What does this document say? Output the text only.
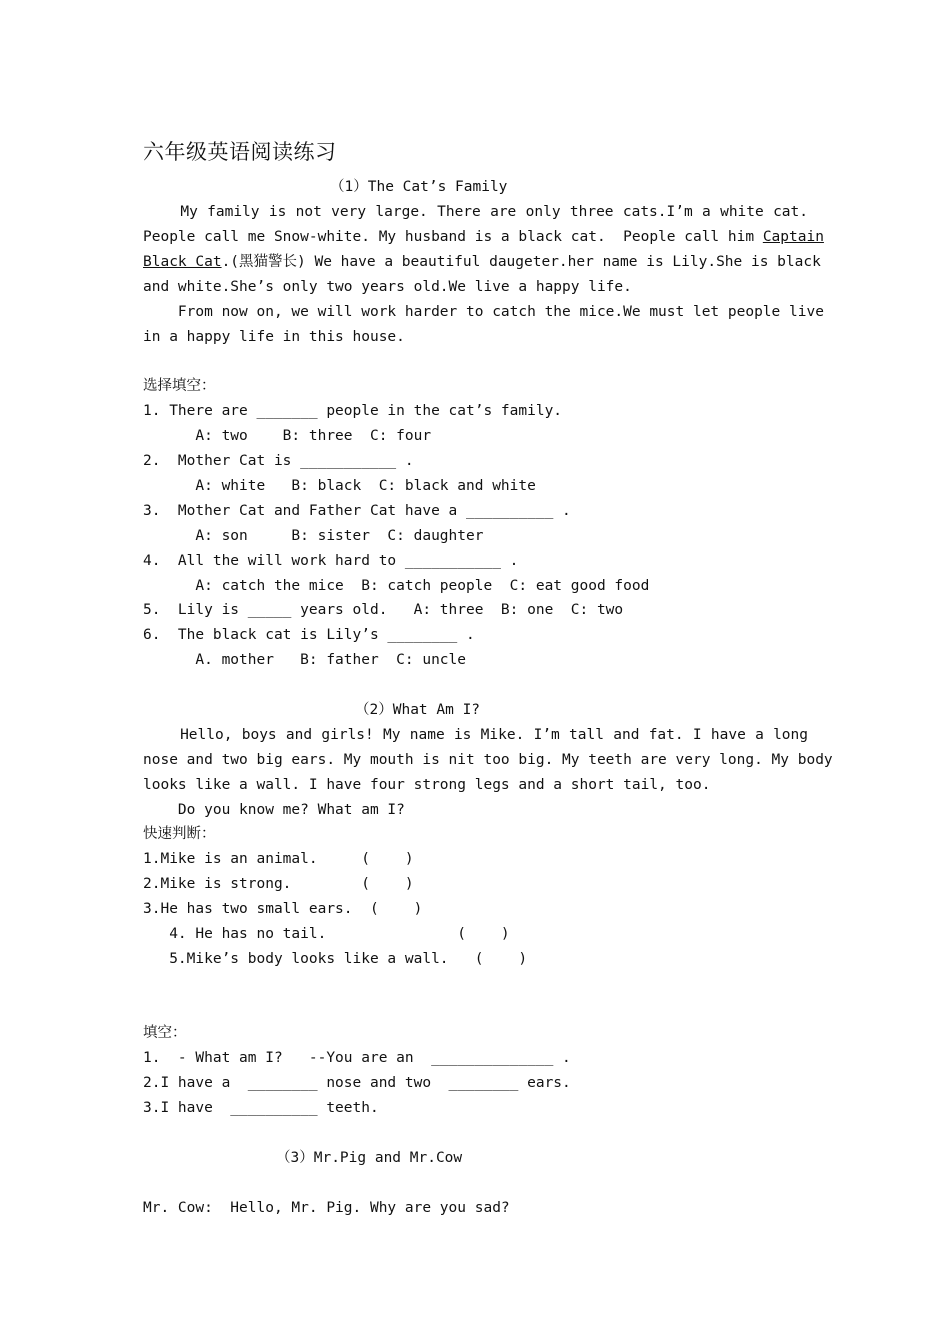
六年级英语阅读练习
（1）The Cat’s Family
My family is not very large. There are only three cats.I’m a white cat.
People call me Snow-white. My husband is a black cat.  People call him Captain
Black Cat.(黑猫警长) We have a beautiful daugeter.her name is Lily.She is black
and white.She’s only two years old.We live a happy life.
From now on, we will work harder to catch the mice.We must let people live
in a happy life in this house.
选择填空：
1. There are _______ people in the cat’s family.
A: two    B: three  C: four
2.  Mother Cat is ___________ .
A: white   B: black  C: black and white
3.  Mother Cat and Father Cat have a __________ .
A: son     B: sister  C: daughter
4.  All the will work hard to ___________ .
A: catch the mice  B: catch people  C: eat good food
5.  Lily is _____ years old.   A: three  B: one  C: two
6.  The black cat is Lily’s ________ .
A. mother   B: father  C: uncle
（2）What Am I?
Hello, boys and girls! My name is Mike. I’m tall and fat. I have a long
nose and two big ears. My mouth is nit too big. My teeth are very long. My body
looks like a wall. I have four strong legs and a short tail, too.
Do you know me? What am I?
快速判断：
1.Mike is an animal.     (    )
2.Mike is strong.        (    )
3.He has two small ears.  (    )
4. He has no tail.               (    )
5.Mike’s body looks like a wall.   (    )
填空：
1.  - What am I?   --You are an  ______________ .
2.I have a  ________ nose and two  ________ ears.
3.I have  __________ teeth.
（3）Mr.Pig and Mr.Cow
Mr. Cow:  Hello, Mr. Pig. Why are you sad?
